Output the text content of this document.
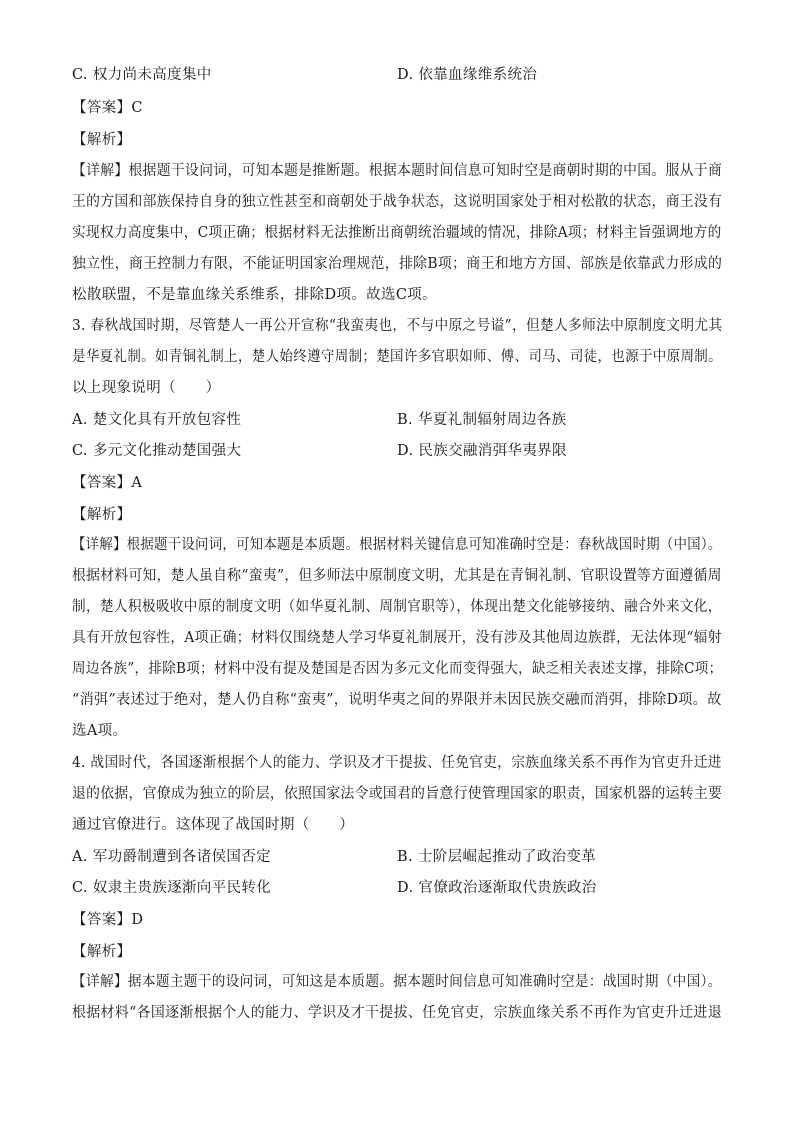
C. 权力尚未高度集中	D. 依靠血缘维系统治
【答案】C
【解析】
【详解】根据题干设问词，可知本题是推断题。根据本题时间信息可知时空是商朝时期的中国。服从于商
王的方国和部族保持自身的独立性甚至和商朝处于战争状态，这说明国家处于相对松散的状态，商王没有
实现权力高度集中，C项正确；根据材料无法推断出商朝统治疆域的情况，排除A项；材料主旨强调地方的
独立性，商王控制力有限，不能证明国家治理规范，排除B项；商王和地方方国、部族是依靠武力形成的
松散联盟，不是靠血缘关系维系，排除D项。故选C项。
3. 春秋战国时期，尽管楚人一再公开宣称“我蛮夷也，不与中原之号谥”，但楚人多师法中原制度文明尤其
是华夏礼制。如青铜礼制上，楚人始终遵守周制；楚国许多官职如师、傅、司马、司徒，也源于中原周制。
以上现象说明（　　）
A. 楚文化具有开放包容性	B. 华夏礼制辐射周边各族
C. 多元文化推动楚国强大	D. 民族交融消弭华夷界限
【答案】A
【解析】
【详解】根据题干设问词，可知本题是本质题。根据材料关键信息可知准确时空是：春秋战国时期（中国）。
根据材料可知，楚人虽自称“蛮夷”，但多师法中原制度文明，尤其是在青铜礼制、官职设置等方面遵循周
制，楚人积极吸收中原的制度文明（如华夏礼制、周制官职等），体现出楚文化能够接纳、融合外来文化，
具有开放包容性，A项正确；材料仅围绕楚人学习华夏礼制展开，没有涉及其他周边族群，无法体现“辐射
周边各族”，排除B项；材料中没有提及楚国是否因为多元文化而变得强大，缺乏相关表述支撑，排除C项；
“消弭”表述过于绝对，楚人仍自称“蛮夷”，说明华夷之间的界限并未因民族交融而消弭，排除D项。故
选A项。
4. 战国时代，各国逐渐根据个人的能力、学识及才干提拔、任免官吏，宗族血缘关系不再作为官吏升迁进
退的依据，官僚成为独立的阶层，依照国家法令或国君的旨意行使管理国家的职责，国家机器的运转主要
通过官僚进行。这体现了战国时期（　　）
A. 军功爵制遭到各诸侯国否定	B. 士阶层崛起推动了政治变革
C. 奴隶主贵族逐渐向平民转化	D. 官僚政治逐渐取代贵族政治
【答案】D
【解析】
【详解】据本题主题干的设问词，可知这是本质题。据本题时间信息可知准确时空是：战国时期（中国）。
根据材料“各国逐渐根据个人的能力、学识及才干提拔、任免官吏，宗族血缘关系不再作为官吏升迁进退
